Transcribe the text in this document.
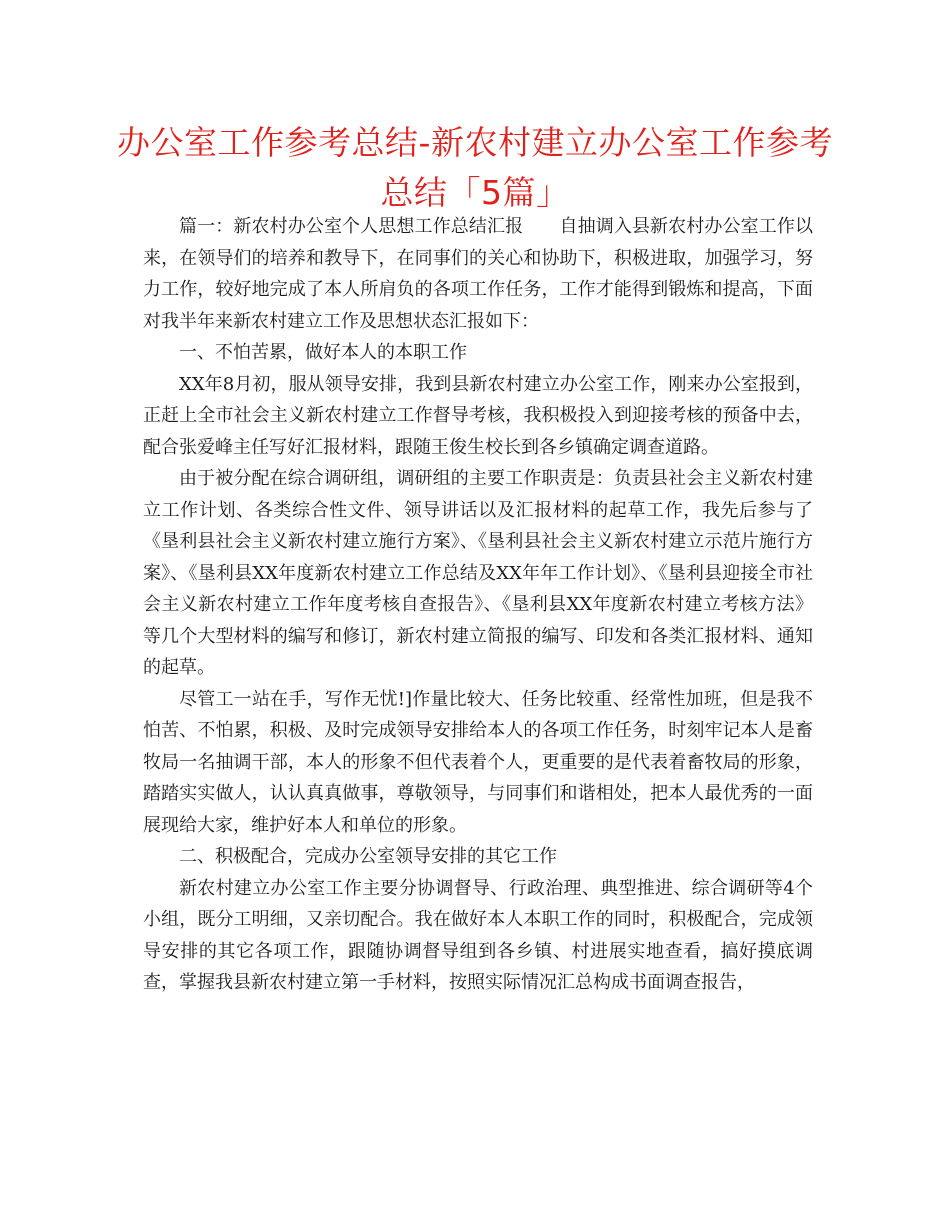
办公室工作参考总结-新农村建立办公室工作参考总结「5篇」

篇一：新农村办公室个人思想工作总结汇报　　自抽调入县新农村办公室工作以来，在领导们的培养和教导下，在同事们的关心和协助下，积极进取，加强学习，努力工作，较好地完成了本人所肩负的各项工作任务，工作才能得到锻炼和提高，下面对我半年来新农村建立工作及思想状态汇报如下：

一、不怕苦累，做好本人的本职工作

XX年8月初，服从领导安排，我到县新农村建立办公室工作，刚来办公室报到，正赶上全市社会主义新农村建立工作督导考核，我积极投入到迎接考核的预备中去，配合张爱峰主任写好汇报材料，跟随王俊生校长到各乡镇确定调查道路。

由于被分配在综合调研组，调研组的主要工作职责是：负责县社会主义新农村建立工作计划、各类综合性文件、领导讲话以及汇报材料的起草工作，我先后参与了《垦利县社会主义新农村建立施行方案》、《垦利县社会主义新农村建立示范片施行方案》、《垦利县XX年度新农村建立工作总结及XX年年工作计划》、《垦利县迎接全市社会主义新农村建立工作年度考核自查报告》、《垦利县XX年度新农村建立考核方法》等几个大型材料的编写和修订，新农村建立简报的编写、印发和各类汇报材料、通知的起草。

尽管工一站在手，写作无忧!]作量比较大、任务比较重、经常性加班，但是我不怕苦、不怕累，积极、及时完成领导安排给本人的各项工作任务，时刻牢记本人是畜牧局一名抽调干部，本人的形象不但代表着个人，更重要的是代表着畜牧局的形象，踏踏实实做人，认认真真做事，尊敬领导，与同事们和谐相处，把本人最优秀的一面展现给大家，维护好本人和单位的形象。

二、积极配合，完成办公室领导安排的其它工作

新农村建立办公室工作主要分协调督导、行政治理、典型推进、综合调研等4个小组，既分工明细，又亲切配合。我在做好本人本职工作的同时，积极配合，完成领导安排的其它各项工作，跟随协调督导组到各乡镇、村进展实地查看，搞好摸底调查，掌握我县新农村建立第一手材料，按照实际情况汇总构成书面调查报告，
